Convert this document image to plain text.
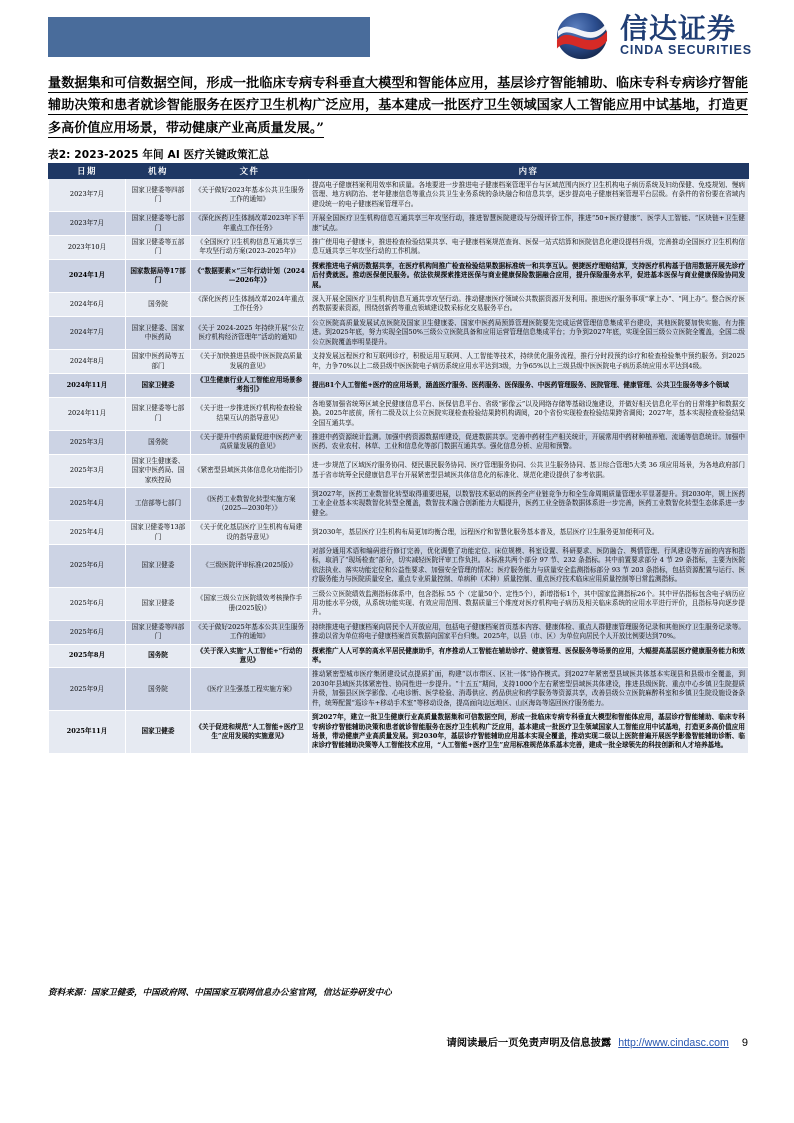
信达证券
CINDA SECURITIES
量数据集和可信数据空间，形成一批临床专病专科垂直大模型和智能体应用，基层诊疗智能辅助、临床专科专病诊疗智能辅助决策和患者就诊智能服务在医疗卫生机构广泛应用，基本建成一批医疗卫生领域国家人工智能应用中试基地，打造更多高价值应用场景，带动健康产业高质量发展。”
表2: 2023-2025 年间 AI 医疗关键政策汇总
日期	机构	文件	内容
2023年7月	国家卫健委等四部门	《关于做好2023年基本公共卫生服务工作的通知》	提高电子健康档案利用效率和质量。各地要进一步推进电子健康档案管理平台与区域范围内医疗卫生机构电子病历系统及妇幼保健、免疫规划、慢病管理、地方病防治、老年健康信息等重点公共卫生业务系统的条块融合和信息共享，逐步提高电子健康档案管理平台层级。有条件的省份要在省域内建设统一的电子健康档案管理平台。
2023年7月	国家卫健委等七部门	《深化医药卫生体制改革2023年下半年重点工作任务》	开展全国医疗卫生机构信息互通共享三年攻坚行动，推进智慧医院建设与分级评价工作，推进“50+医疗健康”、医学人工智能、“区块链+卫生健康”试点。
2023年10月	国家卫健委等五部门	《全国医疗卫生机构信息互通共享三年攻坚行动方案(2023-2025年)》	推广使用电子健康卡，推进检查检验结果共享、电子健康档案规范查询、医保一站式结算和医院信息化建设提档升级，完善推动全国医疗卫生机构信息互通共享三年攻坚行动的工作机制。
2024年1月	国家数据局等17部门	《“数据要素×”三年行动计划（2024—2026年）》	探索推进电子病历数据共享，在医疗机构间推广检查检验结果数据标准统一和共享互认。便捷医疗理赔结算，支持医疗机构基于信用数据开展先诊疗后付费就医。推动医保便民服务。依法依规探索推进医保与商业健康保险数据融合应用，提升保险服务水平，促进基本医保与商业健康保险协同发展。
2024年6月	国务院	《深化医药卫生体制改革2024年重点工作任务》	深入开展全国医疗卫生机构信息互通共享攻坚行动。推动健康医疗领域公共数据资源开发利用。推进医疗服务事项“掌上办”、“网上办”。整合医疗医药数据要素资源，围绕创新药等重点领域建设数采标化交易服务平台。
2024年7月	国家卫健委、国家中医药局	《关于 2024-2025 年持续开展“公立医疗机构经济管理年”活动的通知》	公立医院高质量发展试点医院及国家卫生健康委、国家中医药局预算管理医院要先完成运营管理信息集成平台建设，其他医院要加快实施、有力推进。到2025年底，努力实现全国50%三级公立医院具备和应用运营管理信息集成平台；力争到2027年底，实现全国三级公立医院全覆盖，全国二级公立医院覆盖率明显提升。
2024年8月	国家中医药局等五部门	《关于加快推进县级中医医院高质量发展的意见》	支持发展远程医疗和互联网诊疗，积极运用互联网、人工智能等技术，持续优化服务流程，推行分时段预约诊疗和检查检验集中预约服务。到2025年，力争70%以上二级县级中医医院电子病历系统应用水平达到3级，力争65%以上三级县级中医医院电子病历系统应用水平达到4级。
2024年11月	国家卫健委	《卫生健康行业人工智能应用场景参考指引》	提出81个人工智能+医疗的应用场景，涵盖医疗服务、医药服务、医保服务、中医药管理服务、医院管理、健康管理、公共卫生服务等多个领域
2024年11月	国家卫健委等七部门	《关于进一步推进医疗机构检查检验结果互认的指导意见》	各地要加强省统筹区域全民健康信息平台、医保信息平台、省级“影像云”以及网络存储等基础设施建设，并做好相关信息化平台的日常维护和数据交换。2025年底前，所有二级及以上公立医院实现检查检验结果跨机构调阅，20个省份实现检查检验结果跨省调阅；2027年，基本实现检查检验结果全国互通共享。
2025年3月	国务院	《关于提升中药质量促进中医药产业高质量发展的意见》	推进中药资源统计监测。加强中药资源数据库建设，促进数据共享。完善中药材生产相关统计，开展常用中药材种植养殖、流通等信息统计。加强中医药、农业农村、林草、工业和信息化等部门数据互通共享。强化信息分析、应用和预警。
2025年3月	国家卫生健康委、国家中医药局、国家疾控局	《紧密型县域医共体信息化功能指引》	进一步规范了区域医疗服务协同、便民惠民服务协同、医疗管理服务协同、公共卫生服务协同、基卫综合管理5大类 36 项应用场景，为各地政府部门基于省市统筹全民健康信息平台开展紧密型县域医共体信息化的标准化、规范化建设提供了参考依据。
2025年4月	工信部等七部门	《医药工业数智化转型实施方案（2025—2030年）》	到2027年，医药工业数智化转型取得重要进展，以数智技术驱动的医药全产业链竞争力和全生命周期质量管理水平显著提升。到2030年，规上医药工业企业基本实现数智化转型全覆盖，数智技术融合创新能力大幅提升，医药工业全链条数据体系进一步完善，医药工业数智化转型生态体系进一步健全。
2025年4月	国家卫健委等13部门	《关于优化基层医疗卫生机构布局建设的指导意见》	到2030年，基层医疗卫生机构布局更加均衡合理，远程医疗和智慧化服务基本普及，基层医疗卫生服务更加便利可及。
2025年6月	国家卫健委	《三级医院评审标准(2025版)》	对部分通用术语和编码进行修订完善，优化调整了功能定位、床位规模、科室设置、科研要求、医防融合、舆情管理、行风建设等方面的内容和指标，取消了“现场检查”部分，切实减轻医院评审工作负担。本标准共两个部分 97 节、232 条指标。其中前置要求部分 4 节 29 条指标，主要为医院依法执业、落实功能定位和公益性要求、加强安全管理的情况；医疗服务能力与质量安全监测指标部分 93 节 203 条指标，包括资源配置与运行、医疗服务能力与医院质量安全、重点专业质量控制、单病种（术种）质量控制、重点医疗技术临床应用质量控制等日常监测指标。
2025年6月	国家卫健委	《国家三级公立医院绩效考核操作手册(2025版)》	三级公立医院绩效监测指标体系中，包含指标 55 个（定量50个、定性5个），新增指标1个，其中国家监测指标26个。其中评估指标包含电子病历应用功能水平分级，从系统功能实现、有效应用范围、数据质量三个维度对医疗机构电子病历及相关临床系统的应用水平进行评价，且指标导向逐步提升。
2025年6月	国家卫健委等四部门	《关于做好2025年基本公共卫生服务工作的通知》	持续推进电子健康档案向居民个人开放应用，包括电子健康档案首页基本内容、健康体检、重点人群健康管理服务记录和其他医疗卫生服务记录等。推动以省为单位将电子健康档案首页数据向国家平台归集。2025年，以县（市、区）为单位向居民个人开放比例要达到70%。
2025年8月	国务院	《关于深入实施“人工智能+”行动的意见》	探索推广人人可享的高水平居民健康助手，有序推动人工智能在辅助诊疗、健康管理、医保服务等场景的应用，大幅提高基层医疗健康服务能力和效率。
2025年9月	国务院	《医疗卫生强基工程实施方案》	推动紧密型城市医疗集团建设试点提质扩面，构建“以市带区、区社一体”协作模式。到2027年紧密型县域医共体基本实现县和县级市全覆盖，到2030年县域医共体紧密性、协同性进一步提升。“十五五”期间，支持1000个左右紧密型县域医共体建设，推进县级医院、重点中心乡镇卫生院提质升级，加强县区医学影像、心电诊断、医学检验、消毒供应、药品供应和药学服务等资源共享，改善县级公立医院麻醉科室和乡镇卫生院设施设备条件，统筹配置“巡诊车+移动手术室”等移动设备，提高面向边远地区、山区海岛等巡回医疗服务能力。
2025年11月	国家卫健委	《关于促进和规范“人工智能+医疗卫生”应用发展的实施意见》	到2027年，建立一批卫生健康行业高质量数据集和可信数据空间，形成一批临床专病专科垂直大模型和智能体应用，基层诊疗智能辅助、临床专科专病诊疗智能辅助决策和患者就诊智能服务在医疗卫生机构广泛应用，基本建成一批医疗卫生领域国家人工智能应用中试基地，打造更多高价值应用场景，带动健康产业高质量发展。到2030年，基层诊疗智能辅助应用基本实现全覆盖，推动实现二级以上医院普遍开展医学影像智能辅助诊断、临床诊疗智能辅助决策等人工智能技术应用，“人工智能+医疗卫生”应用标准规范体系基本完善，建成一批全球领先的科技创新和人才培养基地。
资料来源：国家卫健委，中国政府网、中国国家互联网信息办公室官网，信达证券研发中心
请阅读最后一页免责声明及信息披露 http://www.cindasc.com 9
